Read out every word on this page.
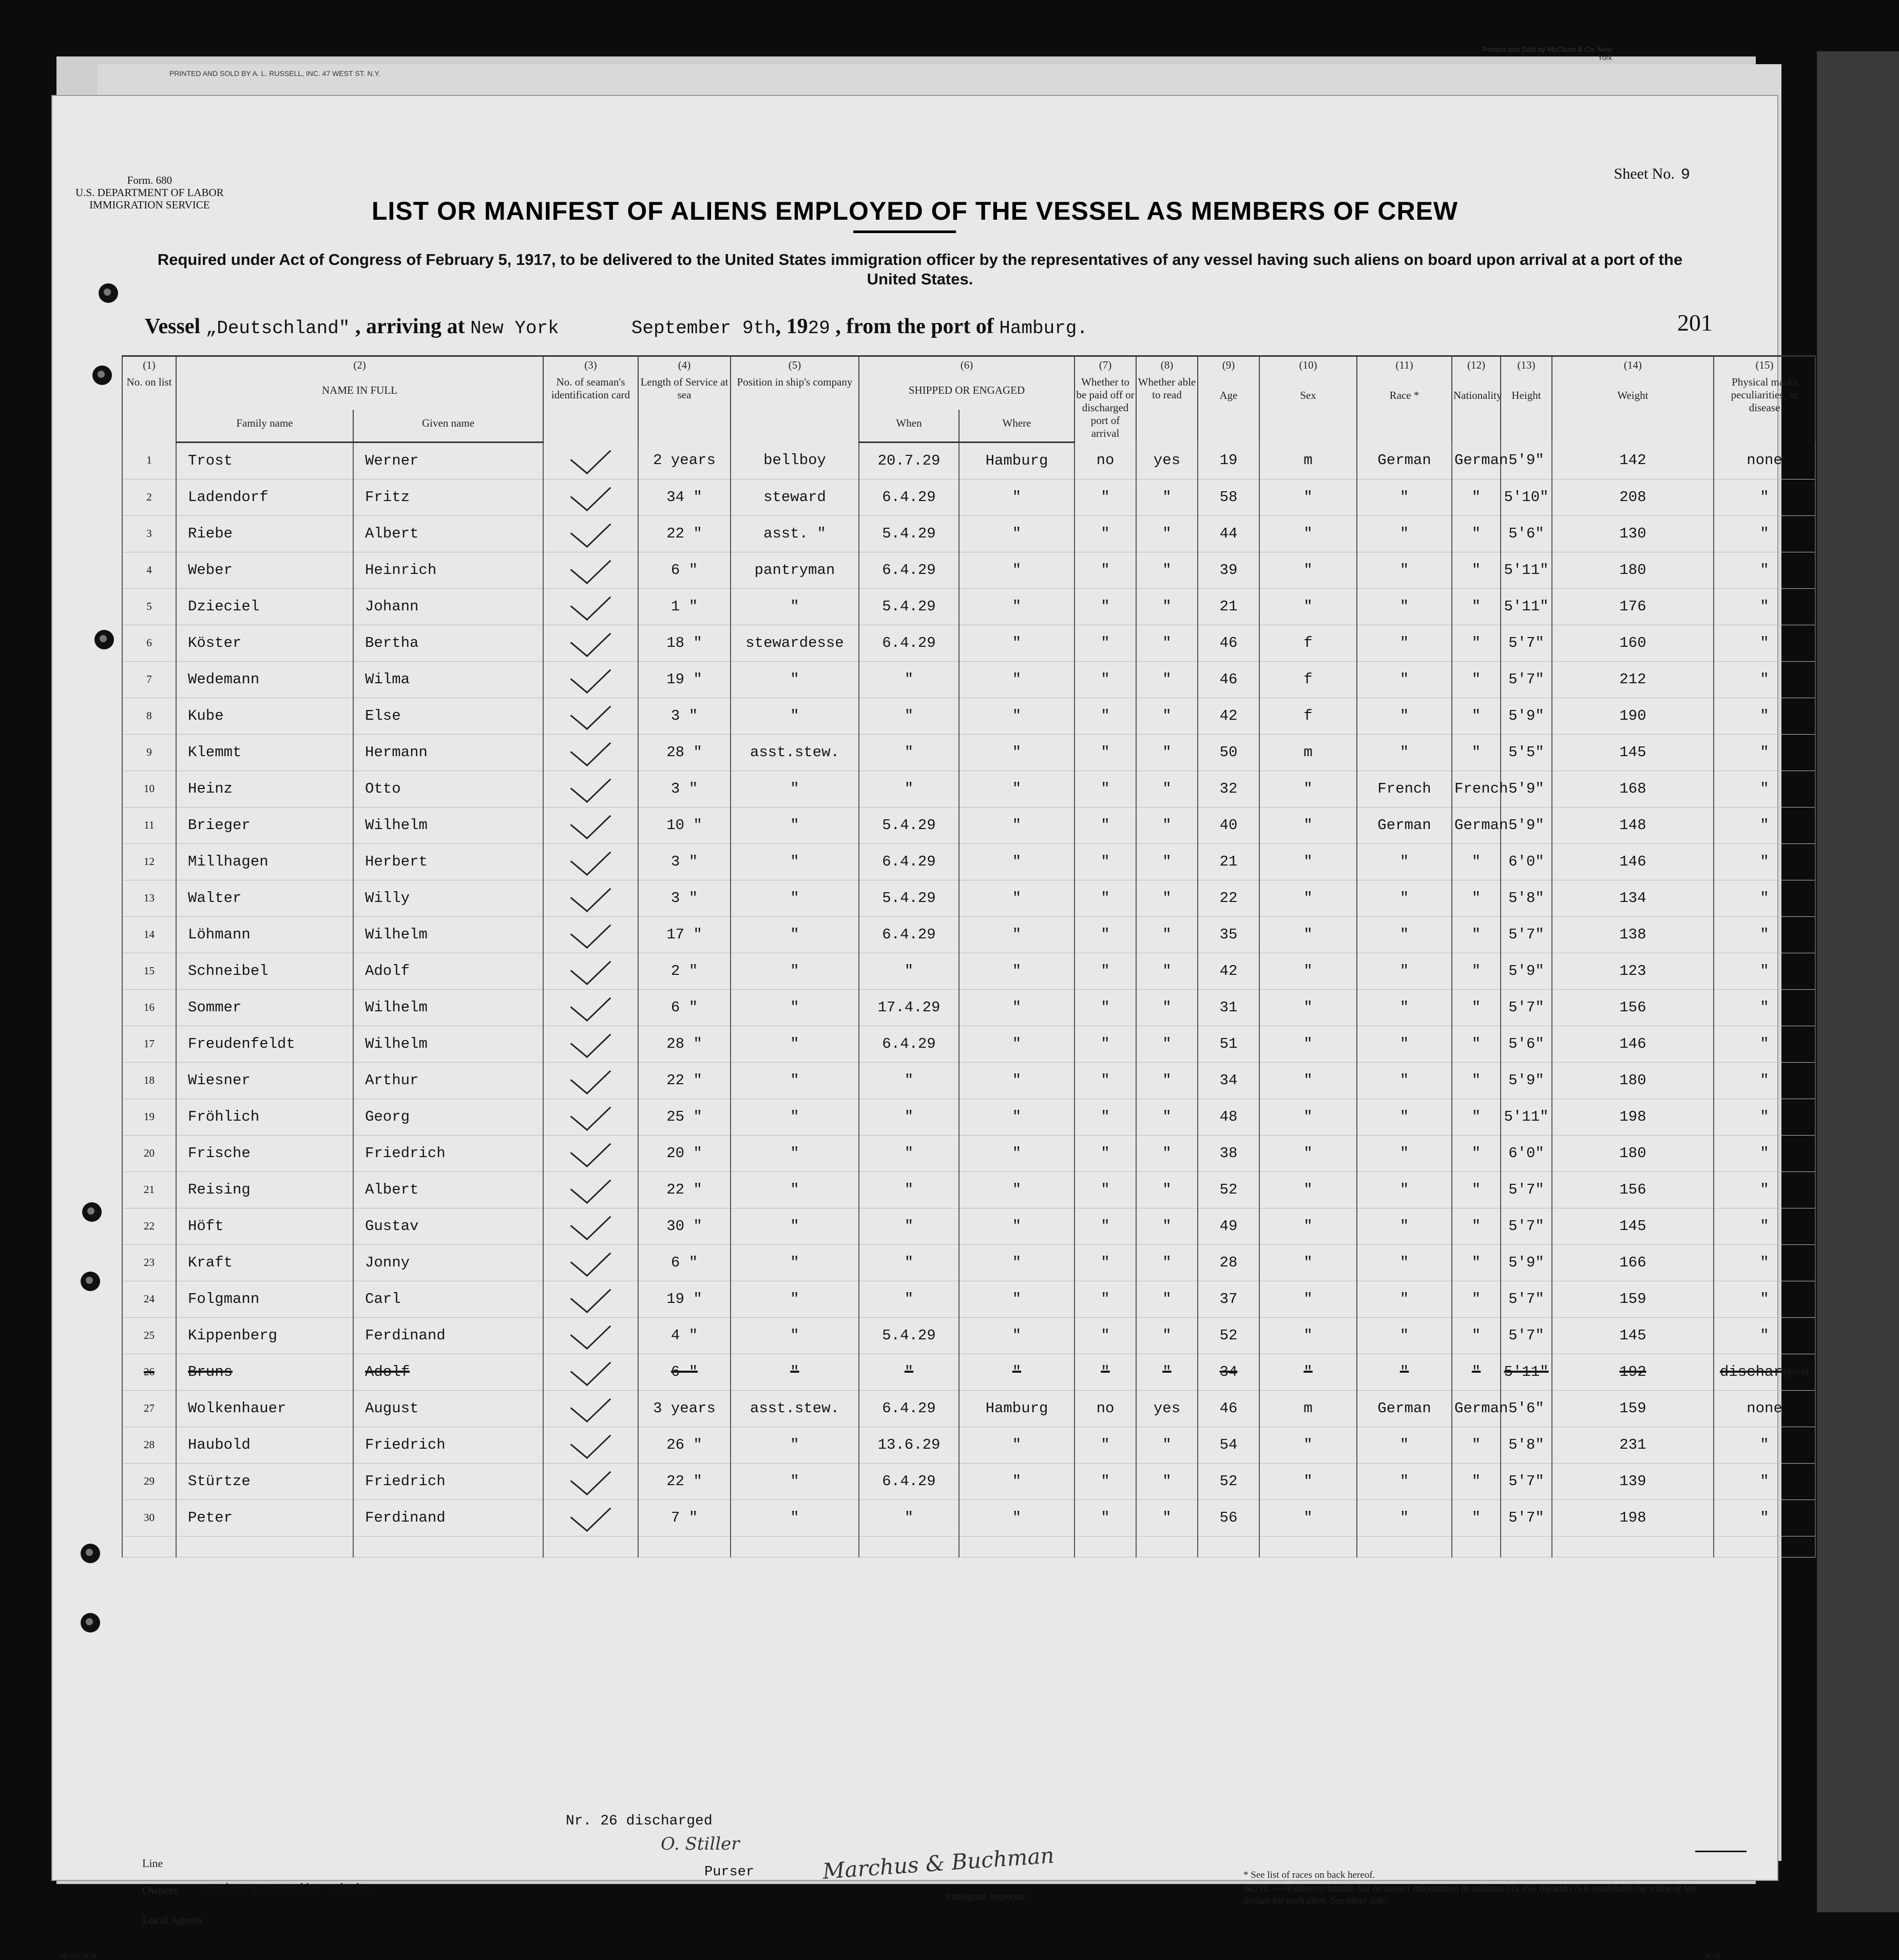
PRINTED AND SOLD BY A. L. RUSSELL, INC. 47 WEST ST. N.Y.
Printed and Sold by McClunn & Co. New York
Form. 680
U.S. DEPARTMENT OF LABOR
IMMIGRATION SERVICE
Sheet No. 9
LIST OR MANIFEST OF ALIENS EMPLOYED OF THE VESSEL AS MEMBERS OF CREW
Required under Act of Congress of February 5, 1917, to be delivered to the United States immigration officer by the representatives of any vessel having such aliens on board upon arrival at a port of the United States.
Vessel „Deutschland" , arriving at New York	September 9th, 1929 , from the port of Hamburg.	201
(1)	(2)		(3)	(4)	(5)	(6)		(7)	(8)	(9)	(10)	(11)	(12)	(13)	(14)	(15)
No. on list	NAME IN FULL		No. of seaman's identification card	Length of Service at sea	Position in ship's company	SHIPPED OR ENGAGED		Whether to be paid off or discharged port of arrival	Whether able to read	Age	Sex	Race *	Nationality	Height	Weight	Physical marks peculiarities, or disease
	Family name	Given name				When	Where									
1	Trost	Werner		2 years	bellboy	20.7.29	Hamburg	no	yes	19	m	German	German	5'9"	142	none
2	Ladendorf	Fritz		34 "	steward	6.4.29	"	"	"	58	"	"	"	5'10"	208	"
3	Riebe	Albert		22 "	asst. "	5.4.29	"	"	"	44	"	"	"	5'6"	130	"
4	Weber	Heinrich		6 "	pantryman	6.4.29	"	"	"	39	"	"	"	5'11"	180	"
5	Dzieciel	Johann		1 "	"	5.4.29	"	"	"	21	"	"	"	5'11"	176	"
6	Köster	Bertha		18 "	stewardesse	6.4.29	"	"	"	46	f	"	"	5'7"	160	"
7	Wedemann	Wilma		19 "	"	"	"	"	"	46	f	"	"	5'7"	212	"
8	Kube	Else		3 "	"	"	"	"	"	42	f	"	"	5'9"	190	"
9	Klemmt	Hermann		28 "	asst.stew.	"	"	"	"	50	m	"	"	5'5"	145	"
10	Heinz	Otto		3 "	"	"	"	"	"	32	"	French	French	5'9"	168	"
11	Brieger	Wilhelm		10 "	"	5.4.29	"	"	"	40	"	German	German	5'9"	148	"
12	Millhagen	Herbert		3 "	"	6.4.29	"	"	"	21	"	"	"	6'0"	146	"
13	Walter	Willy		3 "	"	5.4.29	"	"	"	22	"	"	"	5'8"	134	"
14	Löhmann	Wilhelm		17 "	"	6.4.29	"	"	"	35	"	"	"	5'7"	138	"
15	Schneibel	Adolf		2 "	"	"	"	"	"	42	"	"	"	5'9"	123	"
16	Sommer	Wilhelm		6 "	"	17.4.29	"	"	"	31	"	"	"	5'7"	156	"
17	Freudenfeldt	Wilhelm		28 "	"	6.4.29	"	"	"	51	"	"	"	5'6"	146	"
18	Wiesner	Arthur		22 "	"	"	"	"	"	34	"	"	"	5'9"	180	"
19	Fröhlich	Georg		25 "	"	"	"	"	"	48	"	"	"	5'11"	198	"
20	Frische	Friedrich		20 "	"	"	"	"	"	38	"	"	"	6'0"	180	"
21	Reising	Albert		22 "	"	"	"	"	"	52	"	"	"	5'7"	156	"
22	Höft	Gustav		30 "	"	"	"	"	"	49	"	"	"	5'7"	145	"
23	Kraft	Jonny		6 "	"	"	"	"	"	28	"	"	"	5'9"	166	"
24	Folgmann	Carl		19 "	"	"	"	"	"	37	"	"	"	5'7"	159	"
25	Kippenberg	Ferdinand		4 "	"	5.4.29	"	"	"	52	"	"	"	5'7"	145	"
26	Bruns	Adolf		6 "	"	"	"	"	"	34	"	"	"	5'11"	192	discharged
27	Wolkenhauer	August		3 years	asst.stew.	6.4.29	Hamburg	no	yes	46	m	German	German	5'6"	159	none
28	Haubold	Friedrich		26 "	"	13.6.29	"	"	"	54	"	"	"	5'8"	231	"
29	Stürtze	Friedrich		22 "	"	6.4.29	"	"	"	52	"	"	"	5'7"	139	"
30	Peter	Ferdinand		7 "	"	"	"	"	"	56	"	"	"	5'7"	198	"

Nr. 26 discharged
Line
Owners Hamburg-Amerika Linie.
Local Agents
O. Stiller
Purser	Marchus & Buchman
Immigrant Inspector.
* See list of races on back hereof.
NOTE. — Failure to furnish full or correct information in columns (2), (5), (6) and (7) is punishable by a fine of ten dollars for each alien. See other side.
HL ecu 29 ad	B. 53.
